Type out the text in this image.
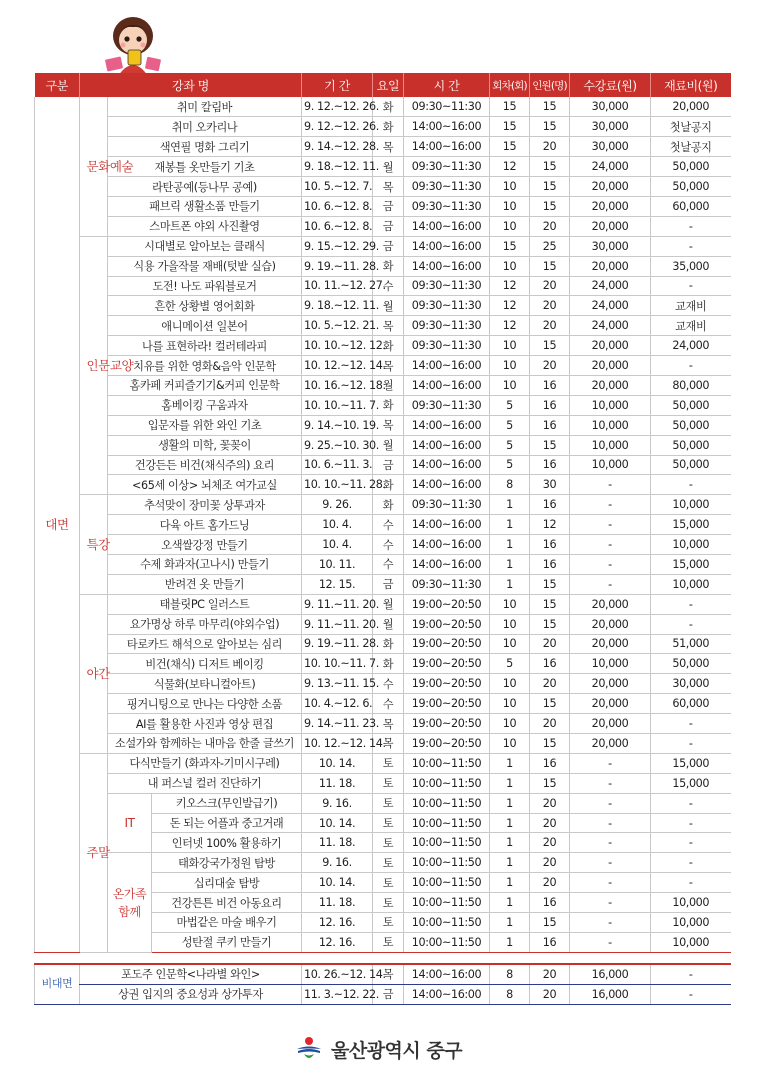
구분	강좌 명			기 간	요일	시 간	회차(회)	인원(명)	수강료(원)	재료비(원)
대면	문화예술	취미 칼림바		9. 12.~12. 26.	화	09:30~11:30	15	15	30,000	20,000
		취미 오카리나		9. 12.~12. 26.	화	14:00~16:00	15	15	30,000	첫날공지
		색연필 명화 그리기		9. 14.~12. 28.	목	14:00~16:00	15	20	30,000	첫날공지
		재봉틀 옷만들기 기초		9. 18.~12. 11.	월	09:30~11:30	12	15	24,000	50,000
		라탄공예(등나무 공예)		10. 5.~12. 7.	목	09:30~11:30	10	15	20,000	50,000
		패브릭 생활소품 만들기		10. 6.~12. 8.	금	09:30~11:30	10	15	20,000	60,000
		스마트폰 야외 사진촬영		10. 6.~12. 8.	금	14:00~16:00	10	20	20,000	-
	인문교양	시대별로 알아보는 클래식		9. 15.~12. 29.	금	14:00~16:00	15	25	30,000	-
		식용 가을작물 재배(텃밭 실습)		9. 19.~11. 28.	화	14:00~16:00	10	15	20,000	35,000
		도전! 나도 파워블로거		10. 11.~12. 27.	수	09:30~11:30	12	20	24,000	-
		흔한 상황별 영어회화		9. 18.~12. 11.	월	09:30~11:30	12	20	24,000	교재비
		애니메이션 일본어		10. 5.~12. 21.	목	09:30~11:30	12	20	24,000	교재비
		나를 표현하라! 컬러테라피		10. 10.~12. 12.	화	09:30~11:30	10	15	20,000	24,000
		치유를 위한 영화&음악 인문학		10. 12.~12. 14.	목	14:00~16:00	10	20	20,000	-
		홈카페 커피즐기기&커피 인문학		10. 16.~12. 18.	월	14:00~16:00	10	16	20,000	80,000
		홈베이킹 구움과자		10. 10.~11. 7.	화	09:30~11:30	5	16	10,000	50,000
		입문자를 위한 와인 기초		9. 14.~10. 19.	목	14:00~16:00	5	16	10,000	50,000
		생활의 미학, 꽃꽂이		9. 25.~10. 30.	월	14:00~16:00	5	15	10,000	50,000
		건강든든 비건(채식주의) 요리		10. 6.~11. 3.	금	14:00~16:00	5	16	10,000	50,000
		<65세 이상> 뇌체조 여가교실		10. 10.~11. 28.	화	14:00~16:00	8	30	-	-
	특강	추석맞이 장미꽃 상투과자		9. 26.	화	09:30~11:30	1	16	-	10,000
		다육 아트 홈가드닝		10. 4.	수	14:00~16:00	1	12	-	15,000
		오색쌀강정 만들기		10. 4.	수	14:00~16:00	1	16	-	10,000
		수제 화과자(고나시) 만들기		10. 11.	수	14:00~16:00	1	16	-	15,000
		반려견 옷 만들기		12. 15.	금	09:30~11:30	1	15	-	10,000
	야간	태블릿PC 일러스트		9. 11.~11. 20.	월	19:00~20:50	10	15	20,000	-
		요가명상 하루 마무리(야외수업)		9. 11.~11. 20.	월	19:00~20:50	10	15	20,000	-
		타로카드 해석으로 알아보는 심리		9. 19.~11. 28.	화	19:00~20:50	10	20	20,000	51,000
		비건(채식) 디저트 베이킹		10. 10.~11. 7.	화	19:00~20:50	5	16	10,000	50,000
		식물화(보타니컬아트)		9. 13.~11. 15.	수	19:00~20:50	10	20	20,000	30,000
		핑거니팅으로 만나는 다양한 소품		10. 4.~12. 6.	수	19:00~20:50	10	15	20,000	60,000
		AI를 활용한 사진과 영상 편집		9. 14.~11. 23.	목	19:00~20:50	10	20	20,000	-
		소설가와 함께하는 내마음 한줄 글쓰기		10. 12.~12. 14.	목	19:00~20:50	10	15	20,000	-
	주말	다식만들기 (화과자-기미시구레)		10. 14.	토	10:00~11:50	1	16	-	15,000
		내 퍼스널 컬러 진단하기		11. 18.	토	10:00~11:50	1	15	-	15,000
		IT	키오스크(무인발급기)	9. 16.	토	10:00~11:50	1	20	-	-
			돈 되는 어플과 중고거래	10. 14.	토	10:00~11:50	1	20	-	-
			인터넷 100% 활용하기	11. 18.	토	10:00~11:50	1	20	-	-
		온가족 함께	태화강국가정원 탐방	9. 16.	토	10:00~11:50	1	20	-	-
			십리대숲 탐방	10. 14.	토	10:00~11:50	1	20	-	-
			건강튼튼 비건 아동요리	11. 18.	토	10:00~11:50	1	16	-	10,000
			마법같은 마술 배우기	12. 16.	토	10:00~11:50	1	15	-	10,000
			성탄절 쿠키 만들기	12. 16.	토	10:00~11:50	1	16	-	10,000

비대면	포도주 인문학<나라별 와인>			10. 26.~12. 14.	목	14:00~16:00	8	20	16,000	-
	상권 입지의 중요성과 상가투자			11. 3.~12. 22.	금	14:00~16:00	8	20	16,000	-
울산광역시 중구
